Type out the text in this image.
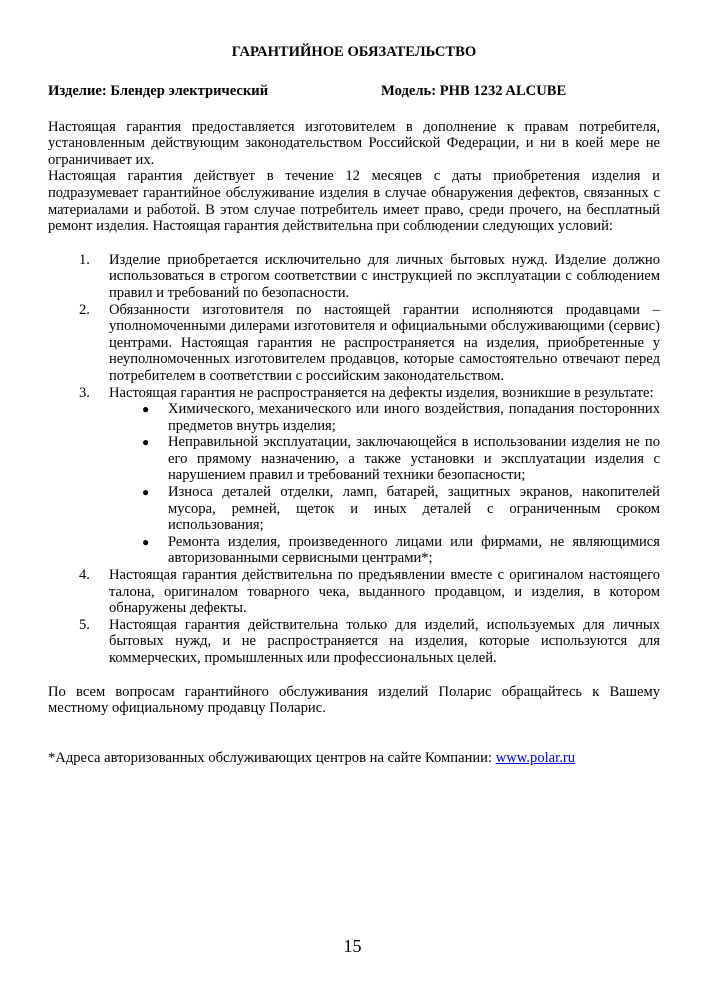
ГАРАНТИЙНОЕ ОБЯЗАТЕЛЬСТВО
Изделие: Блендер электрический	Модель: PHB 1232 ALCUBE

Настоящая гарантия предоставляется изготовителем в дополнение к правам потребителя, установленным действующим законодательством Российской Федерации, и ни в коей мере не ограничивает их.

Настоящая гарантия действует в течение 12 месяцев с даты приобретения изделия и подразумевает гарантийное обслуживание изделия в случае обнаружения дефектов, связанных с материалами и работой. В этом случае потребитель имеет право, среди прочего, на бесплатный ремонт изделия. Настоящая гарантия действительна при соблюдении следующих условий:

1. Изделие приобретается исключительно для личных бытовых нужд. Изделие должно использоваться в строгом соответствии с инструкцией по эксплуатации с соблюдением правил и требований по безопасности.
2. Обязанности изготовителя по настоящей гарантии исполняются продавцами – уполномоченными дилерами изготовителя и официальными обслуживающими (сервис) центрами. Настоящая гарантия не распространяется на изделия, приобретенные у неуполномоченных изготовителем продавцов, которые самостоятельно отвечают перед потребителем в соответствии с российским законодательством.
3. Настоящая гарантия не распространяется на дефекты изделия, возникшие в результате:
● Химического, механического или иного воздействия, попадания посторонних предметов внутрь изделия;
● Неправильной эксплуатации, заключающейся в использовании изделия не по его прямому назначению, а также установки и эксплуатации изделия с нарушением правил и требований техники безопасности;
● Износа деталей отделки, ламп, батарей, защитных экранов, накопителей мусора, ремней, щеток и иных деталей с ограниченным сроком использования;
● Ремонта изделия, произведенного лицами или фирмами, не являющимися авторизованными сервисными центрами*;
4. Настоящая гарантия действительна по предъявлении вместе с оригиналом настоящего талона, оригиналом товарного чека, выданного продавцом, и изделия, в котором обнаружены дефекты.
5. Настоящая гарантия действительна только для изделий, используемых для личных бытовых нужд, и не распространяется на изделия, которые используются для коммерческих, промышленных или профессиональных целей.

По всем вопросам гарантийного обслуживания изделий Поларис обращайтесь к Вашему местному официальному продавцу Поларис.

*Адреса авторизованных обслуживающих центров на сайте Компании: www.polar.ru

15
